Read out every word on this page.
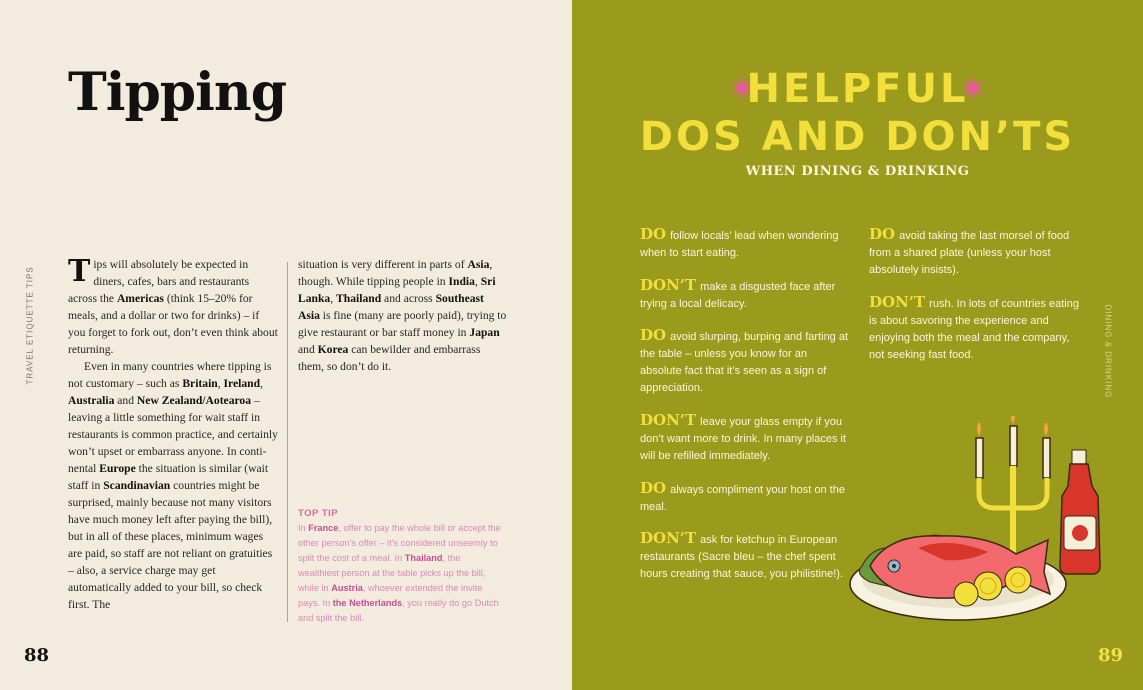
TRAVEL ETIQUETTE TIPS
Tipping
Tips will absolutely be expected in diners, cafes, bars and restaurants across the Americas (think 15–20% for meals, and a dollar or two for drinks) – if you forget to fork out, don’t even think about returning.
Even in many countries where tipping is not customary – such as Britain, Ireland, Australia and New Zealand/Aotearoa – leaving a little something for wait staff in restaurants is common practice, and certainly won’t upset or embarrass anyone. In continental Europe the situation is similar (wait staff in Scandinavian countries might be surprised, mainly because not many visitors have much money left after paying the bill), but in all of these places, minimum wages are paid, so staff are not reliant on gratuities – also, a service charge may get automatically added to your bill, so check first. The
situation is very different in parts of Asia, though. While tipping people in India, Sri Lanka, Thailand and across Southeast Asia is fine (many are poorly paid), trying to give restaurant or bar staff money in Japan and Korea can bewilder and embarrass them, so don’t do it.
TOP TIP
In France, offer to pay the whole bill or accept the other person’s offer – it’s considered unseemly to split the cost of a meal. In Thailand, the wealthiest person at the table picks up the bill, while in Austria, whoever extended the invite pays. In the Netherlands, you really do go Dutch and split the bill.
88
HELPFUL
DOS AND DON’TS
WHEN DINING & DRINKING
DO follow locals’ lead when wondering when to start eating.
DON’T make a disgusted face after trying a local delicacy.
DO avoid slurping, burping and farting at the table – unless you know for an absolute fact that it’s seen as a sign of appreciation.
DON’T leave your glass empty if you don’t want more to drink. In many places it will be refilled immediately.
DO always compliment your host on the meal.
DON’T ask for ketchup in European restaurants (Sacre bleu – the chef spent hours creating that sauce, you philistine!).
DO avoid taking the last morsel of food from a shared plate (unless your host absolutely insists).
DON’T rush. In lots of countries eating is about savoring the experience and enjoying both the meal and the company, not seeking fast food.	DINING & DRINKING
89
